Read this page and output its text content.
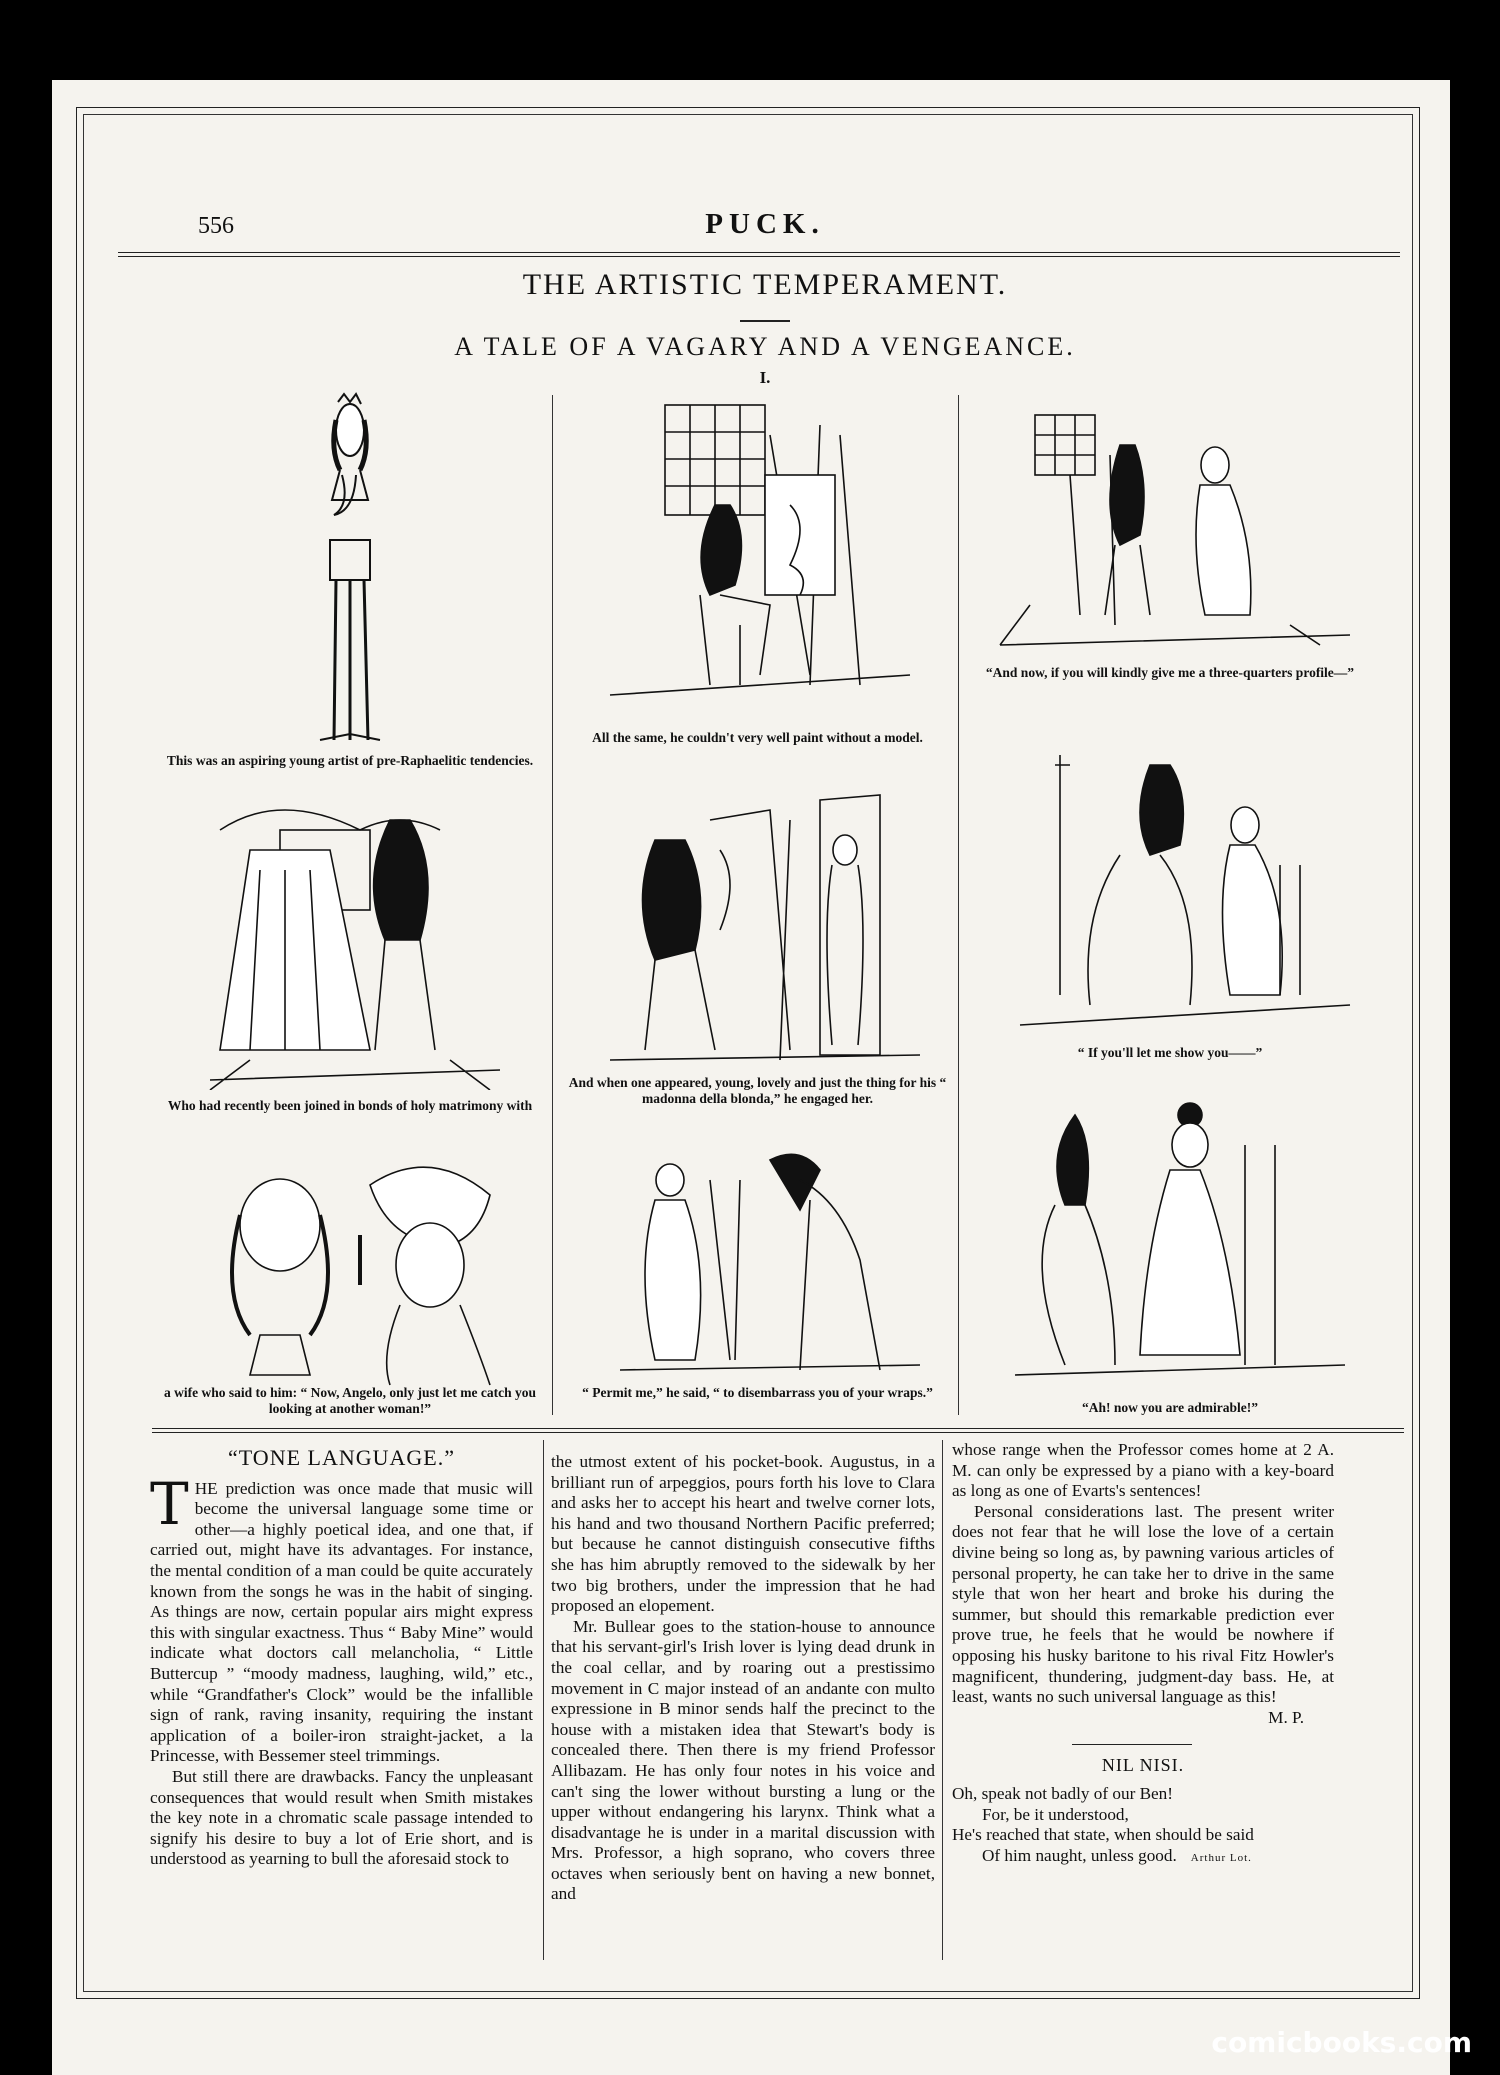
556	PUCK.
THE ARTISTIC TEMPERAMENT.
A TALE OF A VAGARY AND A VENGEANCE.
I.
This was an aspiring young artist of pre-Raphaelitic tendencies.
All the same, he couldn't very well paint without a model.
“And now, if you will kindly give me a three-quarters profile—”
Who had recently been joined in bonds of holy matrimony with
And when one appeared, young, lovely and just the thing for his “ madonna della blonda,” he engaged her.
“ If you'll let me show you——”
a wife who said to him: “ Now, Angelo, only just let me catch you looking at another woman!”
“ Permit me,” he said, “ to disembarrass you of your wraps.”
“Ah! now you are admirable!”
“TONE LANGUAGE.”

THE prediction was once made that music will become the universal language some time or other—a highly poetical idea, and one that, if carried out, might have its advantages. For instance, the mental condition of a man could be quite accurately known from the songs he was in the habit of singing. As things are now, certain popular airs might express this with singular exactness. Thus “ Baby Mine” would indicate what doctors call melancholia, “ Little Buttercup ” “moody madness, laughing, wild,” etc., while “Grandfather's Clock” would be the infallible sign of rank, raving insanity, requiring the instant application of a boiler-iron straight-jacket, a la Princesse, with Bessemer steel trimmings.

But still there are drawbacks. Fancy the unpleasant consequences that would result when Smith mistakes the key note in a chromatic scale passage intended to signify his desire to buy a lot of Erie short, and is understood as yearning to bull the aforesaid stock to

the utmost extent of his pocket-book. Augustus, in a brilliant run of arpeggios, pours forth his love to Clara and asks her to accept his heart and twelve corner lots, his hand and two thousand Northern Pacific preferred; but because he cannot distinguish consecutive fifths she has him abruptly removed to the sidewalk by her two big brothers, under the impression that he had proposed an elopement.

Mr. Bullear goes to the station-house to announce that his servant-girl's Irish lover is lying dead drunk in the coal cellar, and by roaring out a prestissimo movement in C major instead of an andante con multo expressione in B minor sends half the precinct to the house with a mistaken idea that Stewart's body is concealed there. Then there is my friend Professor Allibazam. He has only four notes in his voice and can't sing the lower without bursting a lung or the upper without endangering his larynx. Think what a disadvantage he is under in a marital discussion with Mrs. Professor, a high soprano, who covers three octaves when seriously bent on having a new bonnet, and

whose range when the Professor comes home at 2 A. M. can only be expressed by a piano with a key-board as long as one of Evarts's sentences!

Personal considerations last. The present writer does not fear that he will lose the love of a certain divine being so long as, by pawning various articles of personal property, he can take her to drive in the same style that won her heart and broke his during the summer, but should this remarkable prediction ever prove true, he feels that he would be nowhere if opposing his husky baritone to his rival Fitz Howler's magnificent, thundering, judgment-day bass. He, at least, wants no such universal language as this!

M. P.

NIL NISI.

Oh, speak not badly of our Ben!

For, be it understood,

He's reached that state, when should be said

Of him naught, unless good. Arthur Lot.

comicbooks.com
